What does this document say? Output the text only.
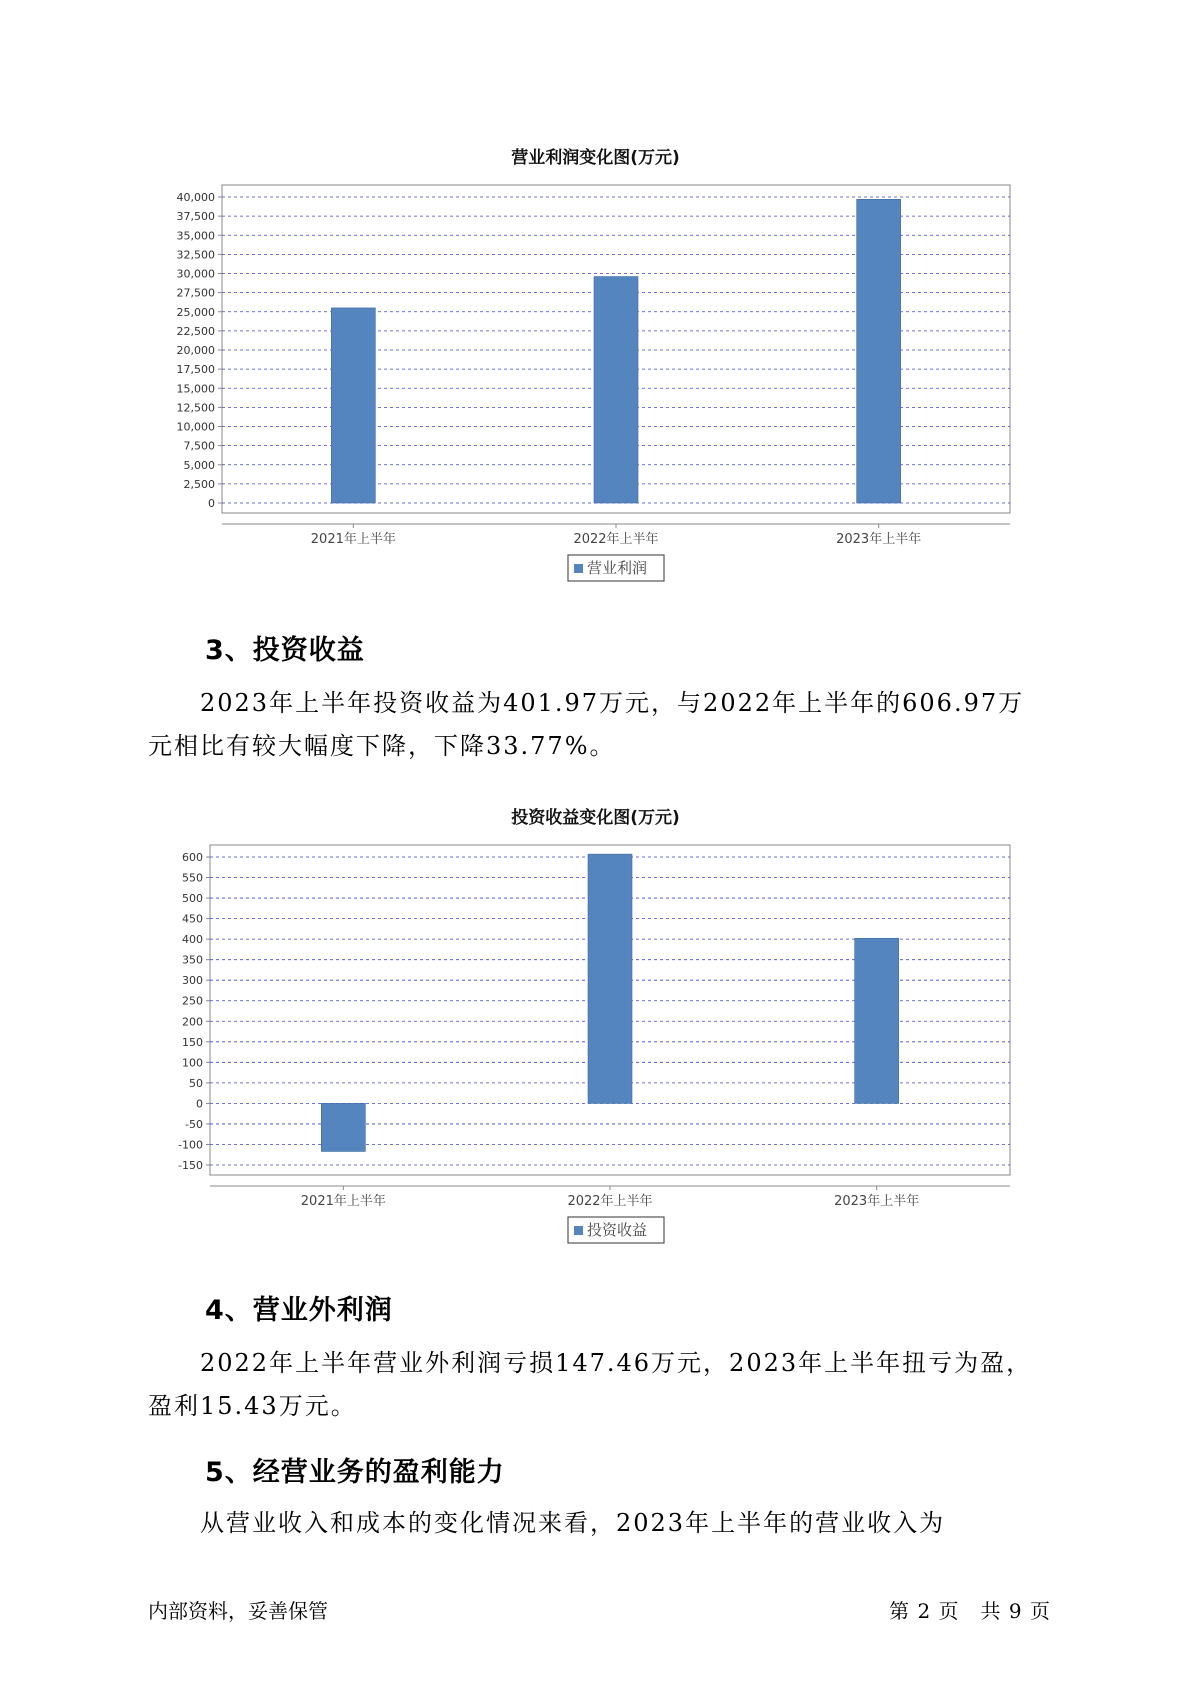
营业利润变化图(万元)
0
2,500
5,000
7,500
10,000
12,500
15,000
17,500
20,000
22,500
25,000
27,500
30,000
32,500
35,000
37,500
40,000
2021年上半年	2022年上半年	2023年上半年
营业利润
3、投资收益

2023年上半年投资收益为401.97万元，与2022年上半年的606.97万元相比有较大幅度下降，下降33.77%。

投资收益变化图(万元)
-150
-100
-50
0
50
100
150
200
250
300
350
400
450
500
550
600
2021年上半年	2022年上半年	2023年上半年
投资收益
4、营业外利润

2022年上半年营业外利润亏损147.46万元，2023年上半年扭亏为盈，盈利15.43万元。

5、经营业务的盈利能力

从营业收入和成本的变化情况来看，2023年上半年的营业收入为

内部资料，妥善保管	第 2 页　共 9 页
